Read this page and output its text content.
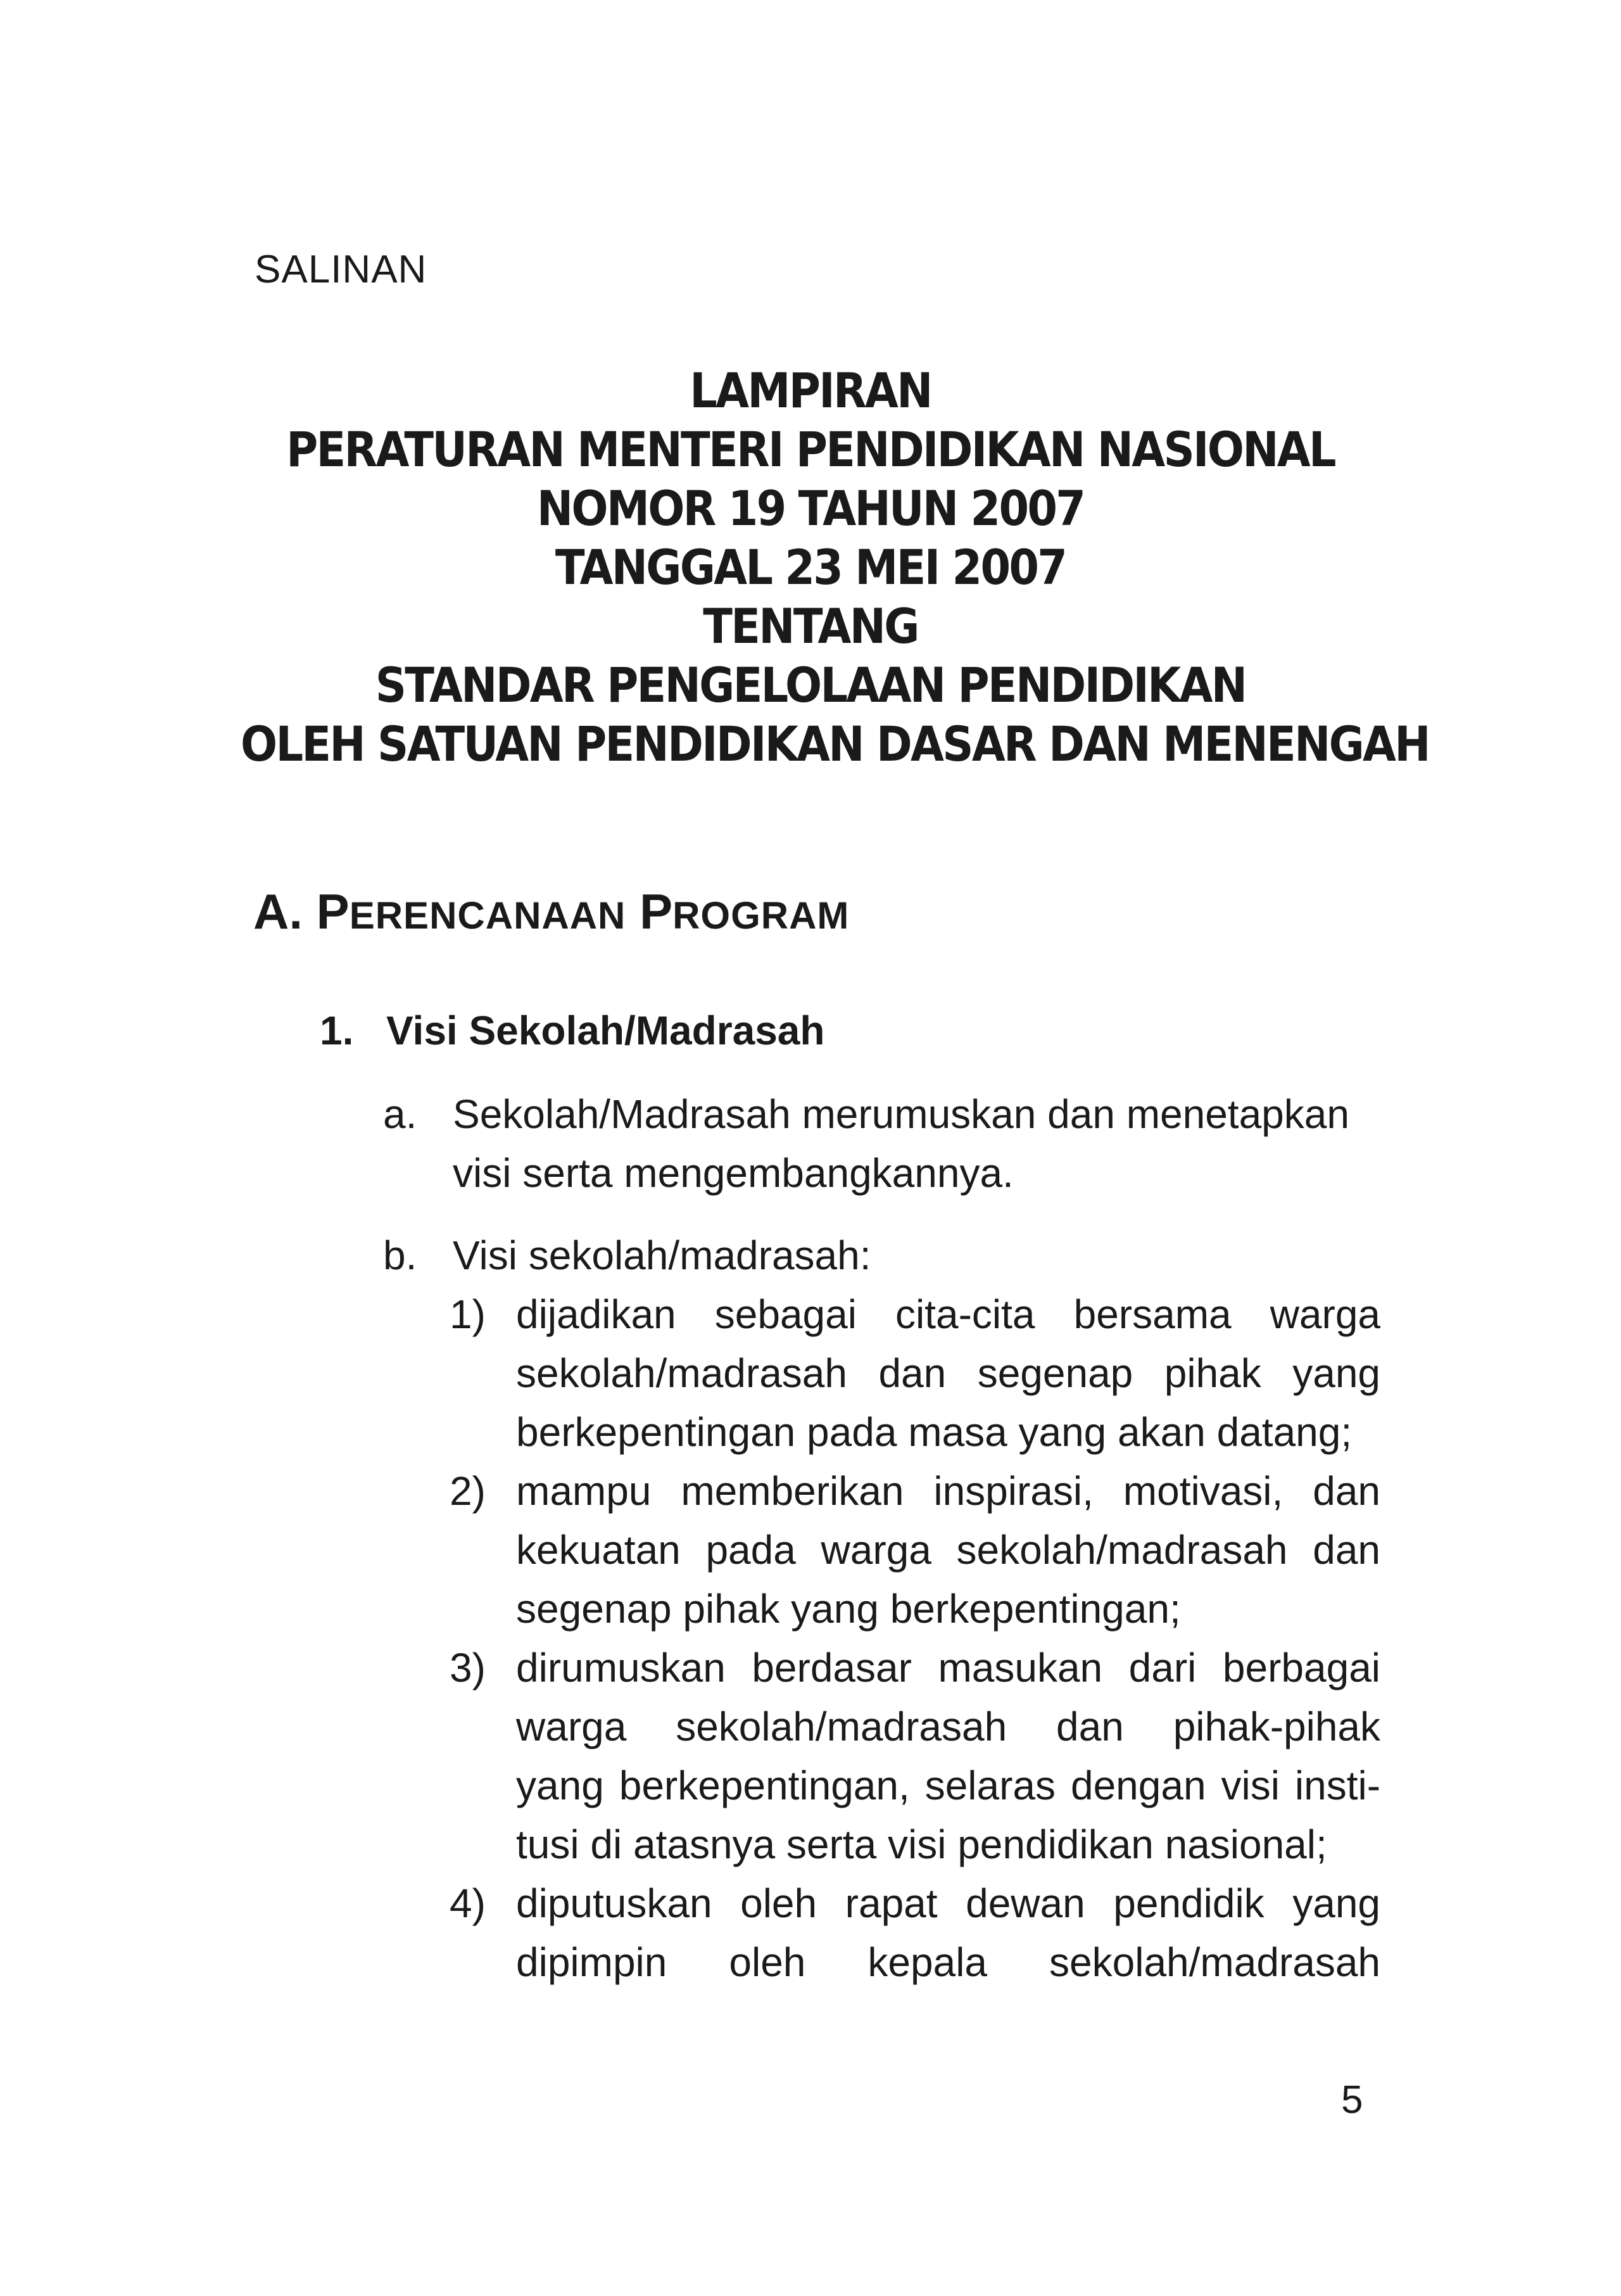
SALINAN
LAMPIRAN
PERATURAN MENTERI PENDIDIKAN NASIONAL
NOMOR 19 TAHUN 2007
TANGGAL 23 MEI 2007
TENTANG
STANDAR PENGELOLAAN PENDIDIKAN
OLEH SATUAN PENDIDIKAN DASAR DAN MENENGAH
A. PERENCANAAN PROGRAM
1. Visi Sekolah/Madrasah
a. Sekolah/Madrasah merumuskan dan menetapkan
visi serta mengembangkannya.
b. Visi sekolah/madrasah:
1) dijadikan sebagai cita-cita bersama warga
sekolah/madrasah dan segenap pihak yang
berkepentingan pada masa yang akan datang;
2) mampu memberikan inspirasi, motivasi, dan
kekuatan pada warga sekolah/madrasah dan
segenap pihak yang berkepentingan;
3) dirumuskan berdasar masukan dari berbagai
warga sekolah/madrasah dan pihak-pihak
yang berkepentingan, selaras dengan visi insti-
tusi di atasnya serta visi pendidikan nasional;
4) diputuskan oleh rapat dewan pendidik yang
dipimpin oleh kepala sekolah/madrasah
5
